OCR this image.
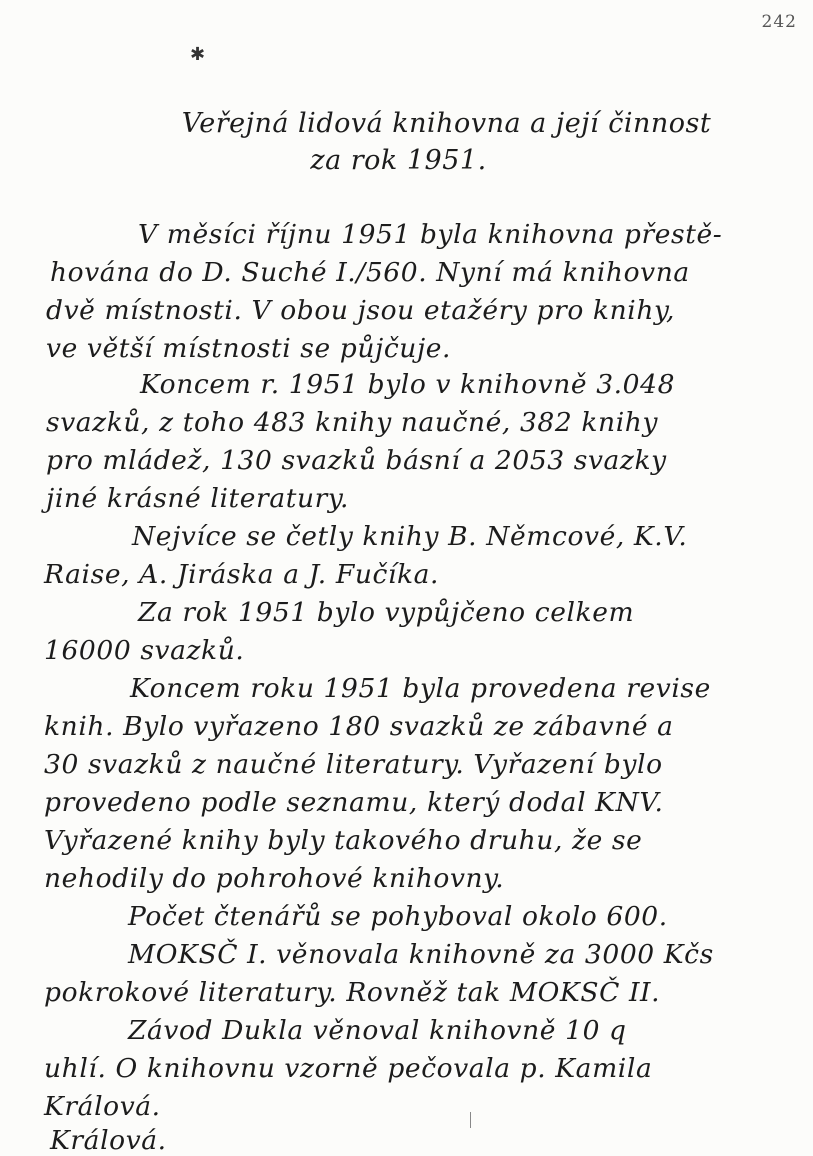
242
✱
Veřejná lidová knihovna a její činnost
za rok 1951.
V měsíci říjnu 1951 byla knihovna přestě-
hována do D. Suché I./560. Nyní má knihovna
dvě místnosti. V obou jsou etažéry pro knihy,
ve větší místnosti se půjčuje.
Koncem r. 1951 bylo v knihovně 3.048
svazků, z toho 483 knihy naučné, 382 knihy
pro mládež, 130 svazků básní a 2053 svazky
jiné krásné literatury.
Nejvíce se četly knihy B. Němcové, K.V.
Raise, A. Jiráska a J. Fučíka.
Za rok 1951 bylo vypůjčeno celkem
16000 svazků.
Koncem roku 1951 byla provedena revise
knih. Bylo vyřazeno 180 svazků ze zábavné a
30 svazků z naučné literatury. Vyřazení bylo
provedeno podle seznamu, který dodal KNV.
Vyřazené knihy byly takového druhu, že se
nehodily do pohrohové knihovny.
Počet čtenářů se pohyboval okolo 600.
MOKSČ I. věnovala knihovně za 3000 Kčs
pokrokové literatury. Rovněž tak MOKSČ II.
Závod Dukla věnoval knihovně 10 q
uhlí. O knihovnu vzorně pečovala p. Kamila
Králová.
Králová.
